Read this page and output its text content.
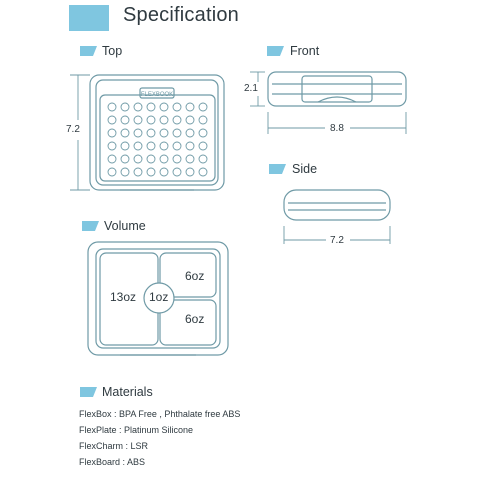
Specification
Top	Front
Side
Volume
Materials
FLEXBOOK
7.2
2.1
8.8
7.2
13oz 1oz
6oz
6oz
FlexBox : BPA Free , Phthalate free ABS
FlexPlate : Platinum Silicone
FlexCharm : LSR
FlexBoard : ABS
